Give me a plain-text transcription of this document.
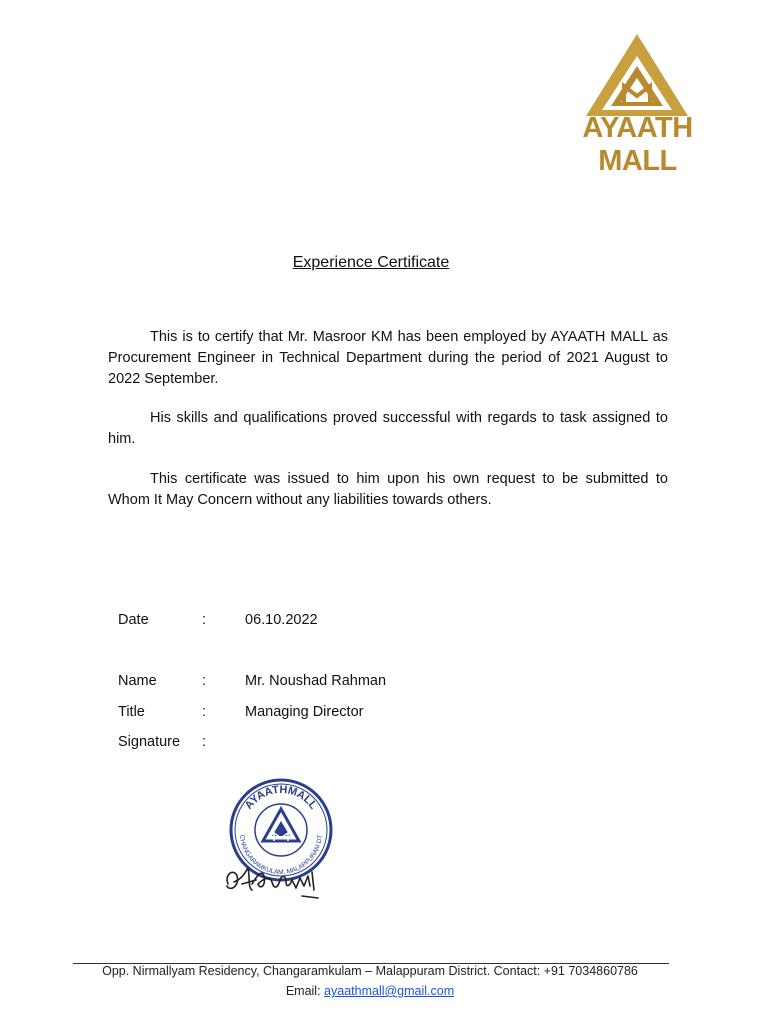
AYAATH MALL
Experience Certificate
This is to certify that Mr. Masroor KM has been employed by AYAATH MALL as Procurement Engineer in Technical Department during the period of 2021 August to 2022 September.
His skills and qualifications proved successful with regards to task assigned to him.
This certificate was issued to him upon his own request to be submitted to Whom It May Concern without any liabilities towards others.
Date	:	06.10.2022
Name	:	Mr. Noushad Rahman
Title	:	Managing Director
Signature :
AYAATHMALL
CHANGARAMKULAM, MALAPPURAM DT
Opp. Nirmallyam Residency, Changaramkulam – Malappuram District. Contact: +91 7034860786
Email: ayaathmall@gmail.com
